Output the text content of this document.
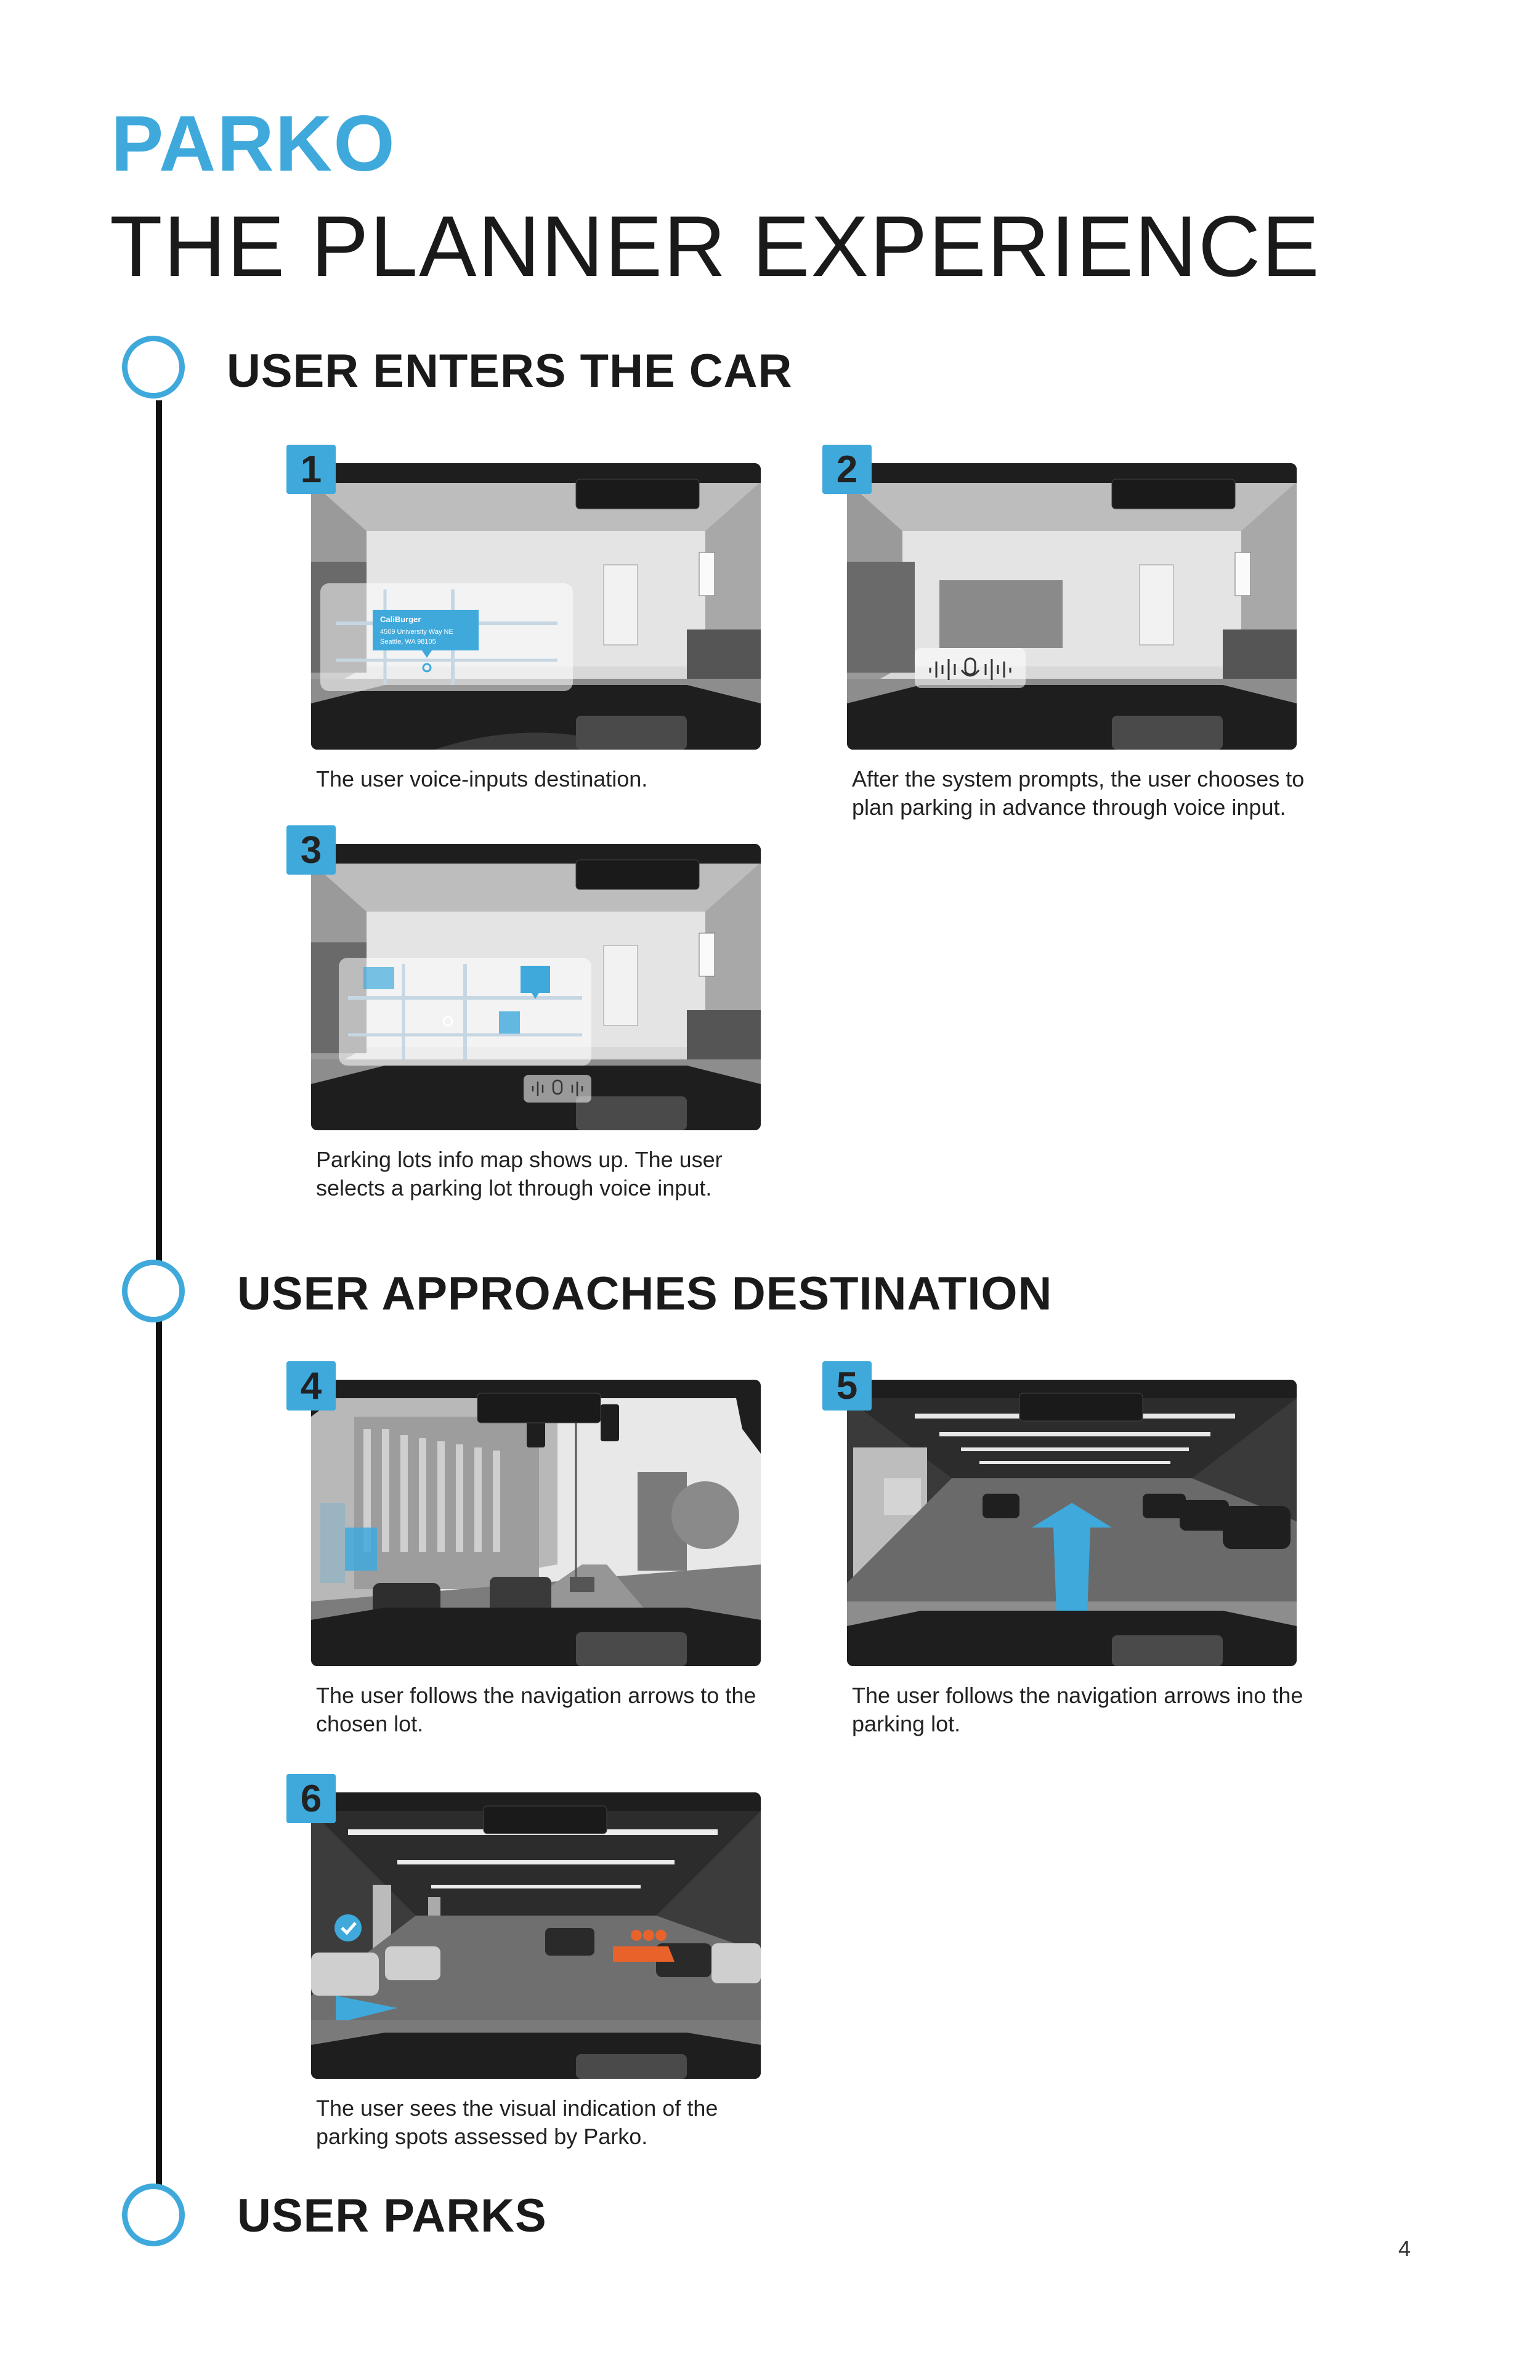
PARKO
THE PLANNER EXPERIENCE
USER ENTERS THE CAR
USER APPROACHES DESTINATION
USER PARKS
1
CaliBurger
4509 University Way NE
Seattle, WA 98105
The user voice-inputs destination.
2
After the system prompts, the user chooses to plan parking in advance through voice input.
3
Parking lots info map shows up. The user selects a parking lot through voice input.
4
The user follows the navigation arrows to the chosen lot.
5
The user follows the navigation arrows ino the parking lot.
6
The user sees the visual indication of the parking spots assessed by Parko.
4
